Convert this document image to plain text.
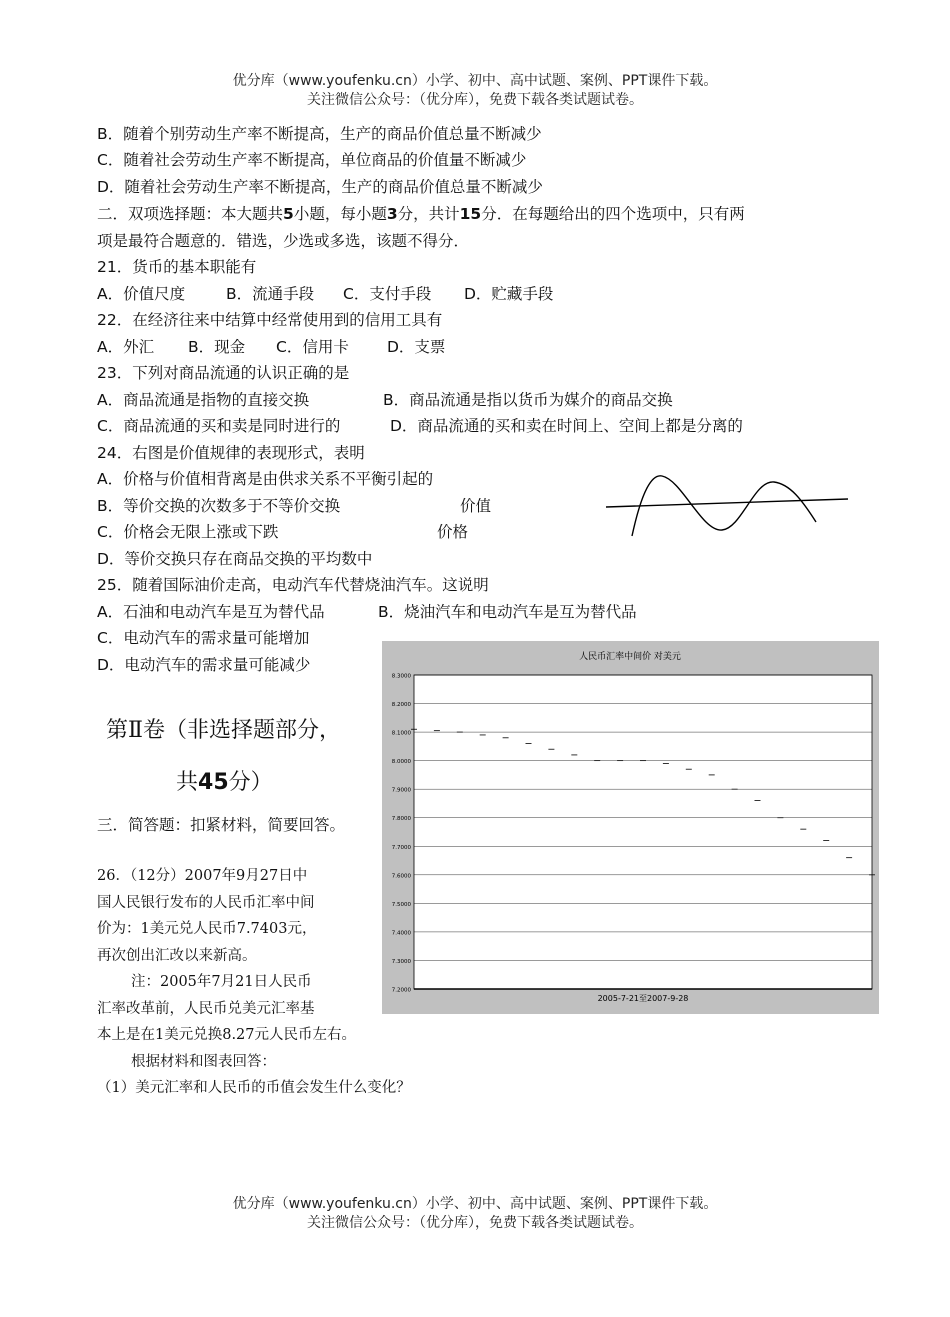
优分库（www.youfenku.cn）小学、初中、高中试题、案例、PPT课件下载。
关注微信公众号：（优分库），免费下载各类试题试卷。
B．随着个别劳动生产率不断提高，生产的商品价值总量不断减少
C．随着社会劳动生产率不断提高，单位商品的价值量不断减少
D．随着社会劳动生产率不断提高，生产的商品价值总量不断减少
二．双项选择题：本大题共5小题，每小题3分，共计15分．在每题给出的四个选项中，只有两
项是最符合题意的．错选，少选或多选，该题不得分．
21．货币的基本职能有
A．价值尺度	B．流通手段 C．支付手段 D．贮藏手段
22．在经济往来中结算中经常使用到的信用工具有
A．外汇 B．现金 C．信用卡 D．支票
23．下列对商品流通的认识正确的是
A．商品流通是指物的直接交换	B．商品流通是指以货币为媒介的商品交换
C．商品流通的买和卖是同时进行的	D．商品流通的买和卖在时间上、空间上都是分离的
24．右图是价值规律的表现形式，表明
A．价格与价值相背离是由供求关系不平衡引起的
B．等价交换的次数多于不等价交换	价值
C．价格会无限上涨或下跌	价格
D．等价交换只存在商品交换的平均数中
25．随着国际油价走高，电动汽车代替烧油汽车。这说明
A．石油和电动汽车是互为替代品	B．烧油汽车和电动汽车是互为替代品
C．电动汽车的需求量可能增加
D．电动汽车的需求量可能减少
第Ⅱ卷（非选择题部分，
共45分）
三．简答题：扣紧材料，简要回答。
26．（12分）2007年9月27日中
国人民银行发布的人民币汇率中间
价为：1美元兑人民币7.7403元，
再次创出汇改以来新高。
注：2005年7月21日人民币
汇率改革前，人民币兑美元汇率基
本上是在1美元兑换8.27元人民币左右。
根据材料和图表回答：
（1）美元汇率和人民币的币值会发生什么变化？
人民币汇率中间价 对美元
8.3000
8.2000
8.1000
8.0000
7.9000
7.8000
7.7000
7.6000
7.5000
7.4000
7.3000
7.2000
2005-7-21至2007-9-28
优分库（www.youfenku.cn）小学、初中、高中试题、案例、PPT课件下载。
关注微信公众号：（优分库），免费下载各类试题试卷。
